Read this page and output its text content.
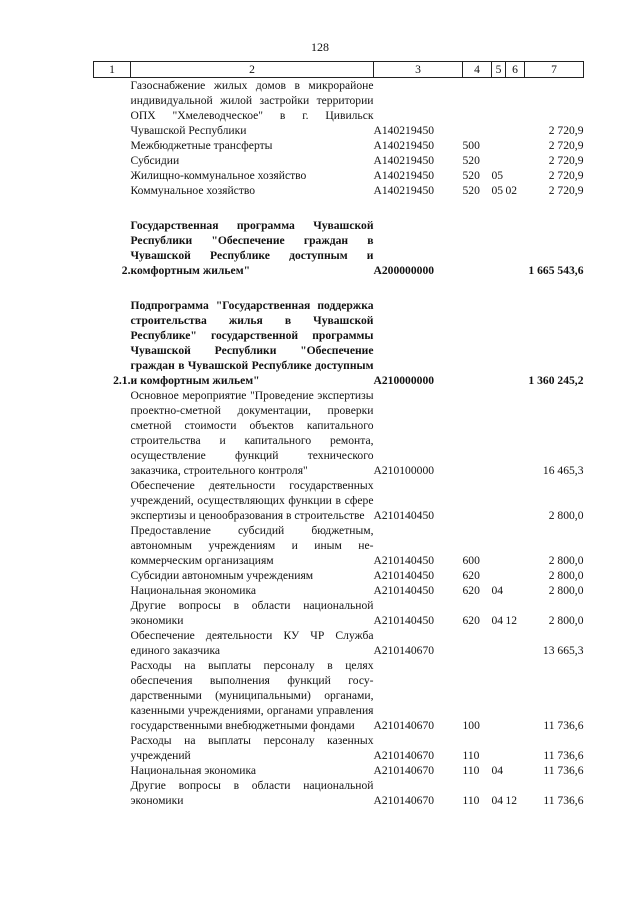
128
1	2	3	4	5	6	7
	Газоснабжение жилых домов в микрорайоне индивидуальной жилой застройки территории ОПХ "Хмелеводческое" в г. Цивильск Чувашской Республики	А140219450				2 720,9
	Межбюджетные трансферты	А140219450	500			2 720,9
	Субсидии	А140219450	520			2 720,9
	Жилищно-коммунальное хозяйство	А140219450	520	05		2 720,9
	Коммунальное хозяйство	А140219450	520	05	02	2 720,9

2.	Государственная программа Чувашской Республики "Обеспечение граждан в Чувашской Республике доступным и комфортным жильем"	А200000000				1 665 543,6

2.1.	Подпрограмма "Государственная поддержка строительства жилья в Чувашской Республике" государственной программы Чувашской Республики "Обеспечение граждан в Чувашской Республике доступным и комфортным жильем"	А210000000				1 360 245,2
	Основное мероприятие "Проведение экспертизы проектно-сметной документации, проверки сметной стоимости объектов капитального строительства и капитального ремонта, осуществление функций технического заказчика, строительного контроля"	А210100000				16 465,3
	Обеспечение деятельности государственных учреждений, осуществляющих функции в сфере экспертизы и ценообразования в строительстве	А210140450				2 800,0
	Предоставление субсидий бюджетным, автономным учреждениям и иным некоммерческим организациям	А210140450	600			2 800,0
	Субсидии автономным учреждениям	А210140450	620			2 800,0
	Национальная экономика	А210140450	620	04		2 800,0
	Другие вопросы в области национальной экономики	А210140450	620	04	12	2 800,0
	Обеспечение деятельности КУ ЧР Служба единого заказчика	А210140670				13 665,3
	Расходы на выплаты персоналу в целях обеспечения выполнения функций государственными (муниципальными) органами, казенными учреждениями, органами управления государственными внебюджетными фондами	А210140670	100			11 736,6
	Расходы на выплаты персоналу казенных учреждений	А210140670	110			11 736,6
	Национальная экономика	А210140670	110	04		11 736,6
	Другие вопросы в области национальной экономики	А210140670	110	04	12	11 736,6
